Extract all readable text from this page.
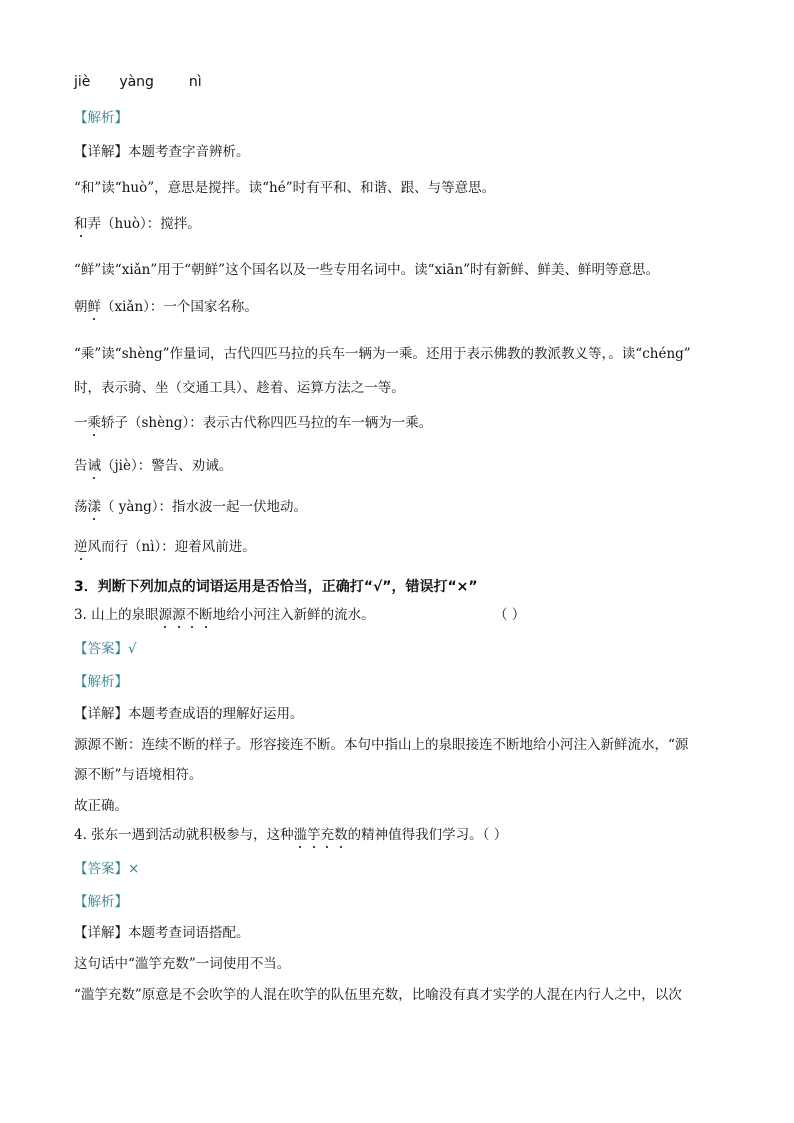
jiè yàng nì
【解析】
【详解】本题考查字音辨析。
“和”读“huò”，意思是搅拌。读“hé”时有平和、和谐、跟、与等意思。
和弄（huò）：搅拌。
“鲜”读“xiǎn”用于“朝鲜”这个国名以及一些专用名词中。读“xiān”时有新鲜、鲜美、鲜明等意思。
朝鲜（xiǎn）：一个国家名称。
“乘”读“shèng”作量词，古代四匹马拉的兵车一辆为一乘。还用于表示佛教的教派教义等，。读“chéng”
时，表示骑、坐（交通工具）、趁着、运算方法之一等。
一乘轿子（shèng）：表示古代称四匹马拉的车一辆为一乘。
告诫（jiè）：警告、劝诫。
荡漾（ yàng）：指水波一起一伏地动。
逆风而行（nì）：迎着风前进。
3．判断下列加点的词语运用是否恰当，正确打“√”，错误打“×”
3. 山上的泉眼源源不断地给小河注入新鲜的流水。	（ ）
【答案】√
【解析】
【详解】本题考查成语的理解好运用。
源源不断：连续不断的样子。形容接连不断。本句中指山上的泉眼接连不断地给小河注入新鲜流水，“源
源不断”与语境相符。
故正确。
4. 张东一遇到活动就积极参与，这种滥竽充数的精神值得我们学习。（ ）
【答案】×
【解析】
【详解】本题考查词语搭配。
这句话中“滥竽充数”一词使用不当。
“滥竽充数”原意是不会吹竽的人混在吹竽的队伍里充数，比喻没有真才实学的人混在内行人之中，以次
